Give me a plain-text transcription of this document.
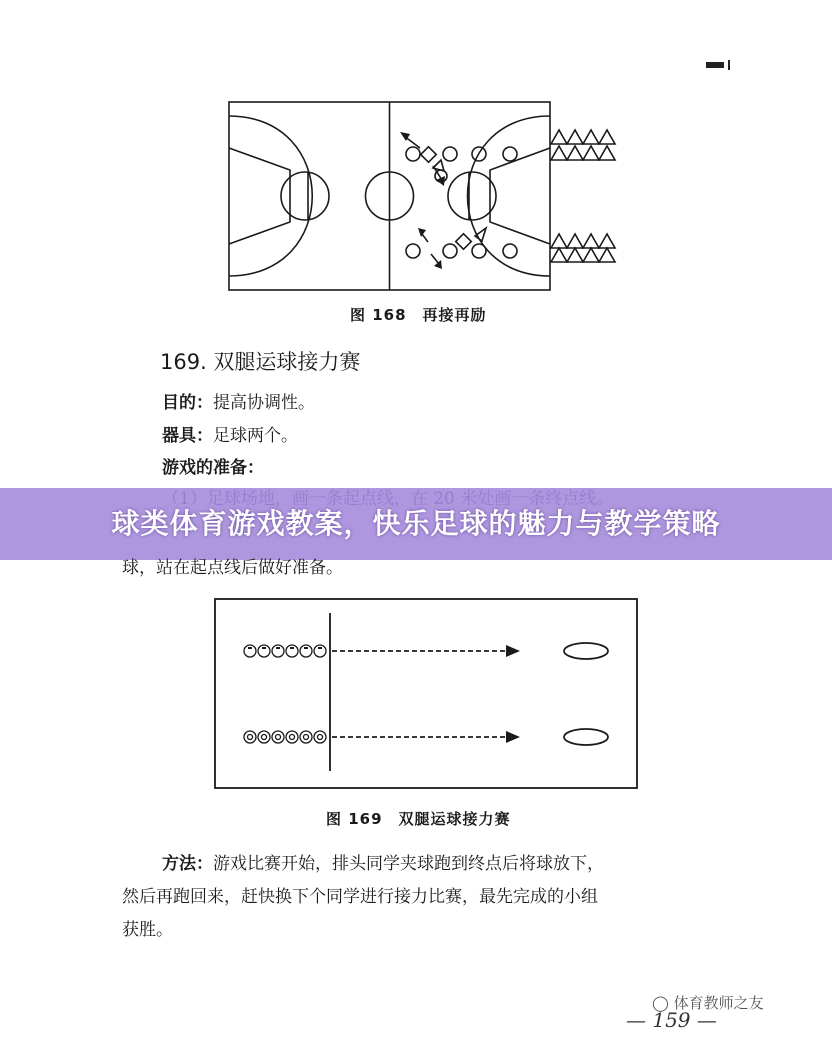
图 168　再接再励
169. 双腿运球接力赛
目的：提高协调性。
器具：足球两个。
游戏的准备：
球类体育游戏教案，快乐足球的魅力与教学策略
球，站在起点线后做好准备。
图 169　双腿运球接力赛
方法：游戏比赛开始，排头同学夹球跑到终点后将球放下，
然后再跑回来，赶快换下个同学进行接力比赛，最先完成的小组
获胜。
◯ 体育教师之友
— 159 —
